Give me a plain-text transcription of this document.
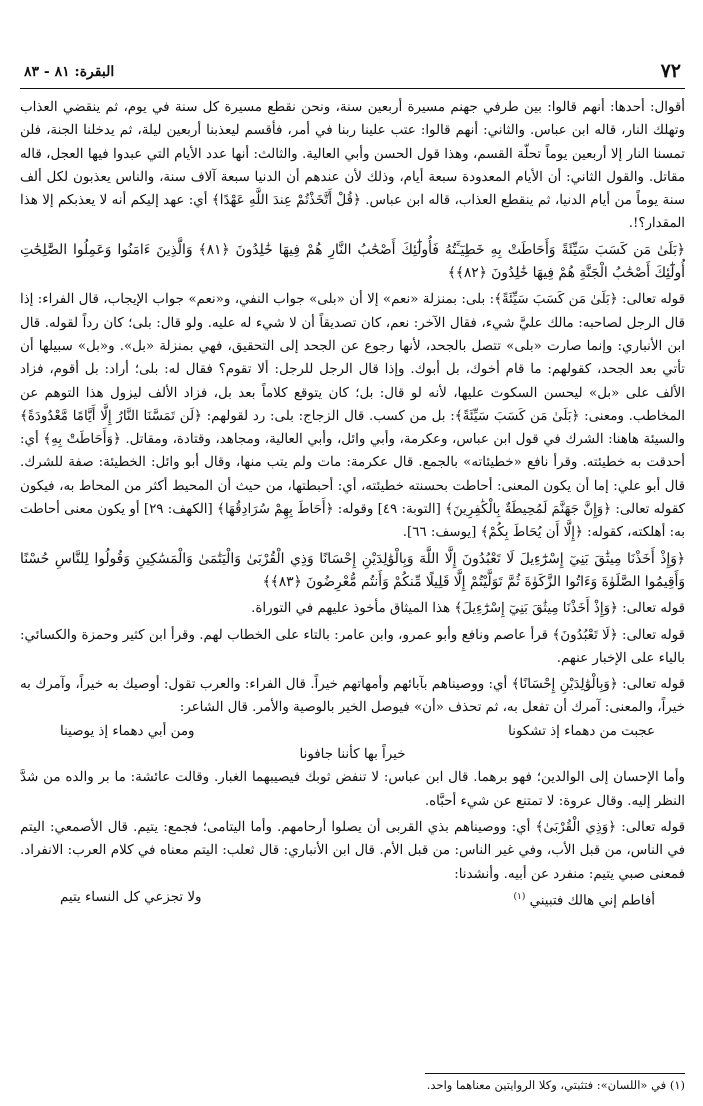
٧٢
البقرة: ٨١ - ٨٣

أقوال: أحدها: أنهم قالوا: بين طرفي جهنم مسيرة أربعين سنة، ونحن نقطع مسيرة كل سنة في يوم، ثم ينقضي العذاب وتهلك النار، قاله ابن عباس. والثاني: أنهم قالوا: عتب علينا ربنا في أمر، فأقسم ليعذبنا أربعين ليلة، ثم يدخلنا الجنة، فلن تمسنا النار إلا أربعين يوماً تحلّة القسم، وهذا قول الحسن وأبي العالية. والثالث: أنها عدد الأيام التي عبدوا فيها العجل، قاله مقاتل. والقول الثاني: أن الأيام المعدودة سبعة أيام، وذلك لأن عندهم أن الدنيا سبعة آلاف سنة، والناس يعذبون لكل ألف سنة يوماً من أيام الدنيا، ثم ينقطع العذاب، قاله ابن عباس. ﴿قُلْ أَتَّخَذْتُمْ عِندَ اللَّهِ عَهْدًا﴾ أي: عهد إليكم أنه لا يعذبكم إلا هذا المقدار؟!.

﴿بَلَىٰ مَن كَسَبَ سَيِّئَةً وَأَحَاطَتْ بِهِ خَطِيٓـَٔتُهُ فَأُولَٰٓئِكَ أَصْحَٰبُ النَّارِ هُمْ فِيهَا خَٰلِدُونَ ﴿٨١﴾ وَالَّذِينَ ءَامَنُوا وَعَمِلُوا الصَّٰلِحَٰتِ أُولَٰٓئِكَ أَصْحَٰبُ الْجَنَّةِ هُمْ فِيهَا خَٰلِدُونَ ﴿٨٢﴾﴾

قوله تعالى: ﴿بَلَىٰ مَن كَسَبَ سَيِّئَةً﴾: بلى: بمنزلة «نعم» إلا أن «بلى» جواب النفي، و«نعم» جواب الإيجاب، قال الفراء: إذا قال الرجل لصاحبه: مالك عليَّ شيء، فقال الآخر: نعم، كان تصديقاً أن لا شيء له عليه. ولو قال: بلى؛ كان رداً لقوله. قال ابن الأنباري: وإنما صارت «بلى» تتصل بالجحد، لأنها رجوع عن الجحد إلى التحقيق، فهي بمنزلة «بل». و«بل» سبيلها أن تأتي بعد الجحد، كقولهم: ما قام أخوك، بل أبوك. وإذا قال الرجل للرجل: ألا تقوم؟ فقال له: بلى؛ أراد: بل أقوم، فزاد الألف على «بل» ليحسن السكوت عليها، لأنه لو قال: بل؛ كان يتوقع كلاماً بعد بل، فزاد الألف ليزول هذا التوهم عن المخاطب. ومعنى: ﴿بَلَىٰ مَن كَسَبَ سَيِّئَةً﴾: بل من كسب. قال الزجاج: بلى: رد لقولهم: ﴿لَن تَمَسَّنَا النَّارُ إِلَّا أَيَّامًا مَّعْدُودَةً﴾ والسيئة هاهنا: الشرك في قول ابن عباس، وعكرمة، وأبي وائل، وأبي العالية، ومجاهد، وقتادة، ومقاتل. ﴿وَأَحَاطَتْ بِهِ﴾ أي: أحدقت به خطيئته. وقرأ نافع «خطيئاته» بالجمع. قال عكرمة: مات ولم يتب منها، وقال أبو وائل: الخطيئة: صفة للشرك. قال أبو علي: إما أن يكون المعنى: أحاطت بحسنته خطيئته، أي: أحبطتها، من حيث أن المحيط أكثر من المحاط به، فيكون كقوله تعالى: ﴿وَإِنَّ جَهَنَّمَ لَمُحِيطَةٌ بِالْكَٰفِرِينَ﴾ [التوبة: ٤٩] وقوله: ﴿أَحَاطَ بِهِمْ سُرَادِقُهَا﴾ [الكهف: ٢٩] أو يكون معنى أحاطت به: أهلكته، كقوله: ﴿إِلَّا أَن يُحَاطَ بِكُمْ﴾ [يوسف: ٦٦].

﴿وَإِذْ أَخَذْنَا مِيثَٰقَ بَنِيٓ إِسْرَٰٓءِيلَ لَا تَعْبُدُونَ إِلَّا اللَّهَ وَبِالْوَٰلِدَيْنِ إِحْسَانًا وَذِي الْقُرْبَىٰ وَالْيَتَٰمَىٰ وَالْمَسَٰكِينِ وَقُولُوا لِلنَّاسِ حُسْنًا وَأَقِيمُوا الصَّلَوٰةَ وَءَاتُوا الزَّكَوٰةَ ثُمَّ تَوَلَّيْتُمْ إِلَّا قَلِيلًا مِّنكُمْ وَأَنتُم مُّعْرِضُونَ ﴿٨٣﴾﴾

قوله تعالى: ﴿وَإِذْ أَخَذْنَا مِيثَٰقَ بَنِيٓ إِسْرَٰٓءِيلَ﴾ هذا الميثاق مأخوذ عليهم في التوراة.

قوله تعالى: ﴿لَا تَعْبُدُونَ﴾ قرأ عاصم ونافع وأبو عمرو، وابن عامر: بالتاء على الخطاب لهم. وقرأ ابن كثير وحمزة والكسائي: بالياء على الإخبار عنهم.

قوله تعالى: ﴿وَبِالْوَٰلِدَيْنِ إِحْسَانًا﴾ أي: ووصيناهم بآبائهم وأمهاتهم خيراً. قال الفراء: والعرب تقول: أوصيك به خيراً، وآمرك به خيراً، والمعنى: آمرك أن تفعل به، ثم تحذف «أن» فيوصل الخير بالوصية والأمر. قال الشاعر:

عجبت من دهماء إذ تشكونا
ومن أبي دهماء إذ يوصينا
خيراً بها كأننا جافونا

وأما الإحسان إلى الوالدين؛ فهو برهما. قال ابن عباس: لا تنفض ثوبك فيصيبهما الغبار. وقالت عائشة: ما بر والده من شدَّ النظر إليه. وقال عروة: لا تمتنع عن شيء أحبَّاه.

قوله تعالى: ﴿وَذِي الْقُرْبَىٰ﴾ أي: ووصيناهم بذي القربى أن يصلوا أرحامهم. وأما اليتامى؛ فجمع: يتيم. قال الأصمعي: اليتم في الناس، من قبل الأب، وفي غير الناس: من قبل الأم. قال ابن الأنباري: قال ثعلب: اليتم معناه في كلام العرب: الانفراد. فمعنى صبي يتيم: منفرد عن أبيه. وأنشدنا:

أفاطم إني هالك فتبيني $^{(١)}$
ولا تجزعي كل النساء يتيم
(١) في «اللسان»: فتثبتي، وكلا الروايتين معناهما واحد.
